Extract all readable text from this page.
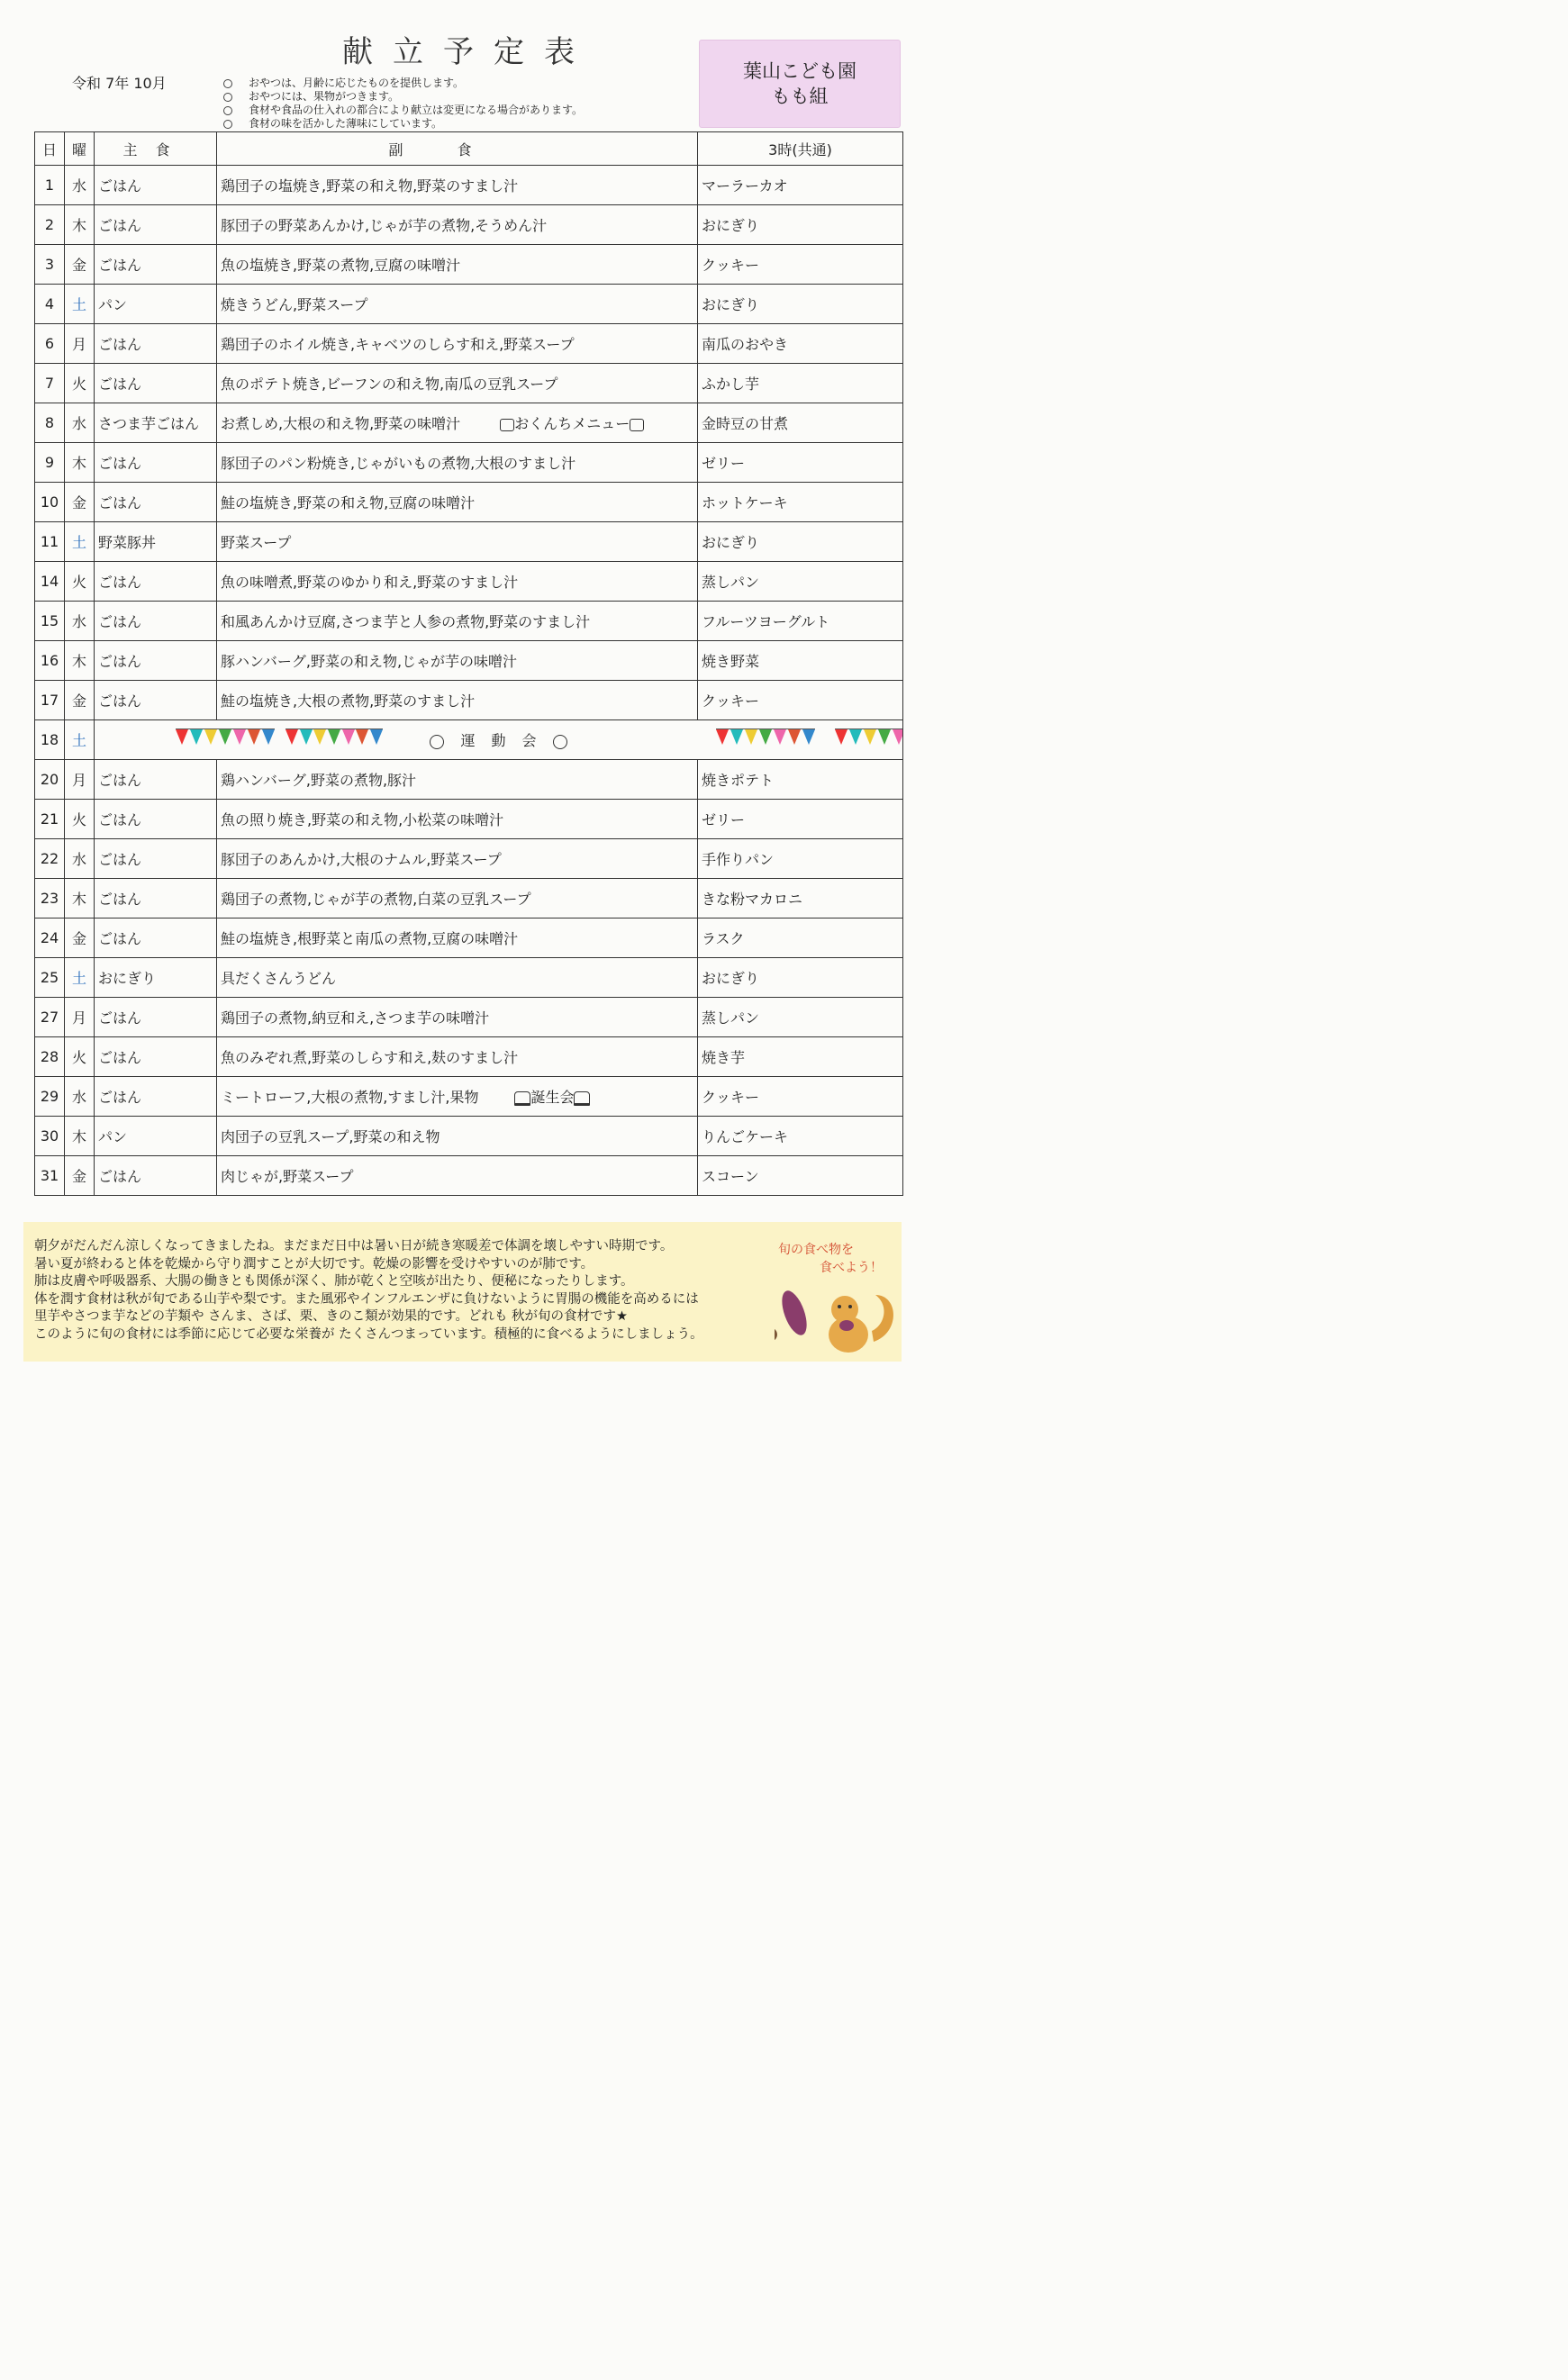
献立予定表
令和 7年 10月	おやつは、月齢に応じたものを提供します。
おやつには、果物がつきます。
食材や食品の仕入れの都合により献立は変更になる場合があります。
食材の味を活かした薄味にしています。
葉山こども園
もも組
日	曜	主食	副食	3時(共通)
1	水	ごはん	鶏団子の塩焼き,野菜の和え物,野菜のすまし汁	マーラーカオ
2	木	ごはん	豚団子の野菜あんかけ,じゃが芋の煮物,そうめん汁	おにぎり
3	金	ごはん	魚の塩焼き,野菜の煮物,豆腐の味噌汁	クッキー
4	土	パン	焼きうどん,野菜スープ	おにぎり
6	月	ごはん	鶏団子のホイル焼き,キャベツのしらす和え,野菜スープ	南瓜のおやき
7	火	ごはん	魚のポテト焼き,ビーフンの和え物,南瓜の豆乳スープ	ふかし芋
8	水	さつま芋ごはん	お煮しめ,大根の和え物,野菜の味噌汁 おくんちメニュー	金時豆の甘煮
9	木	ごはん	豚団子のパン粉焼き,じゃがいもの煮物,大根のすまし汁	ゼリー
10	金	ごはん	鮭の塩焼き,野菜の和え物,豆腐の味噌汁	ホットケーキ
11	土	野菜豚丼	野菜スープ	おにぎり
14	火	ごはん	魚の味噌煮,野菜のゆかり和え,野菜のすまし汁	蒸しパン
15	水	ごはん	和風あんかけ豆腐,さつま芋と人参の煮物,野菜のすまし汁	フルーツヨーグルト
16	木	ごはん	豚ハンバーグ,野菜の和え物,じゃが芋の味噌汁	焼き野菜
17	金	ごはん	鮭の塩焼き,大根の煮物,野菜のすまし汁	クッキー
18	土	運動会		

20	月	ごはん	鶏ハンバーグ,野菜の煮物,豚汁	焼きポテト
21	火	ごはん	魚の照り焼き,野菜の和え物,小松菜の味噌汁	ゼリー
22	水	ごはん	豚団子のあんかけ,大根のナムル,野菜スープ	手作りパン
23	木	ごはん	鶏団子の煮物,じゃが芋の煮物,白菜の豆乳スープ	きな粉マカロニ
24	金	ごはん	鮭の塩焼き,根野菜と南瓜の煮物,豆腐の味噌汁	ラスク
25	土	おにぎり	具だくさんうどん	おにぎり
27	月	ごはん	鶏団子の煮物,納豆和え,さつま芋の味噌汁	蒸しパン
28	火	ごはん	魚のみぞれ煮,野菜のしらす和え,麸のすまし汁	焼き芋
29	水	ごはん	ミートローフ,大根の煮物,すまし汁,果物 誕生会	クッキー
30	木	パン	肉団子の豆乳スープ,野菜の和え物	りんごケーキ
31	金	ごはん	肉じゃが,野菜スープ	スコーン

朝夕がだんだん涼しくなってきましたね。まだまだ日中は暑い日が続き寒暖差で体調を壊しやすい時期です。

暑い夏が終わると体を乾燥から守り潤すことが大切です。乾燥の影響を受けやすいのが肺です。

肺は皮膚や呼吸器系、大腸の働きとも関係が深く、肺が乾くと空咳が出たり、便秘になったりします。

体を潤す食材は秋が旬である山芋や梨です。また風邪やインフルエンザに負けないように胃腸の機能を高めるには

里芋やさつま芋などの芋類や さんま、さば、栗、きのこ類が効果的です。どれも 秋が旬の食材です★

このように旬の食材には季節に応じて必要な栄養が たくさんつまっています。積極的に食べるようにしましょう。

旬の食べ物を
食べよう！
